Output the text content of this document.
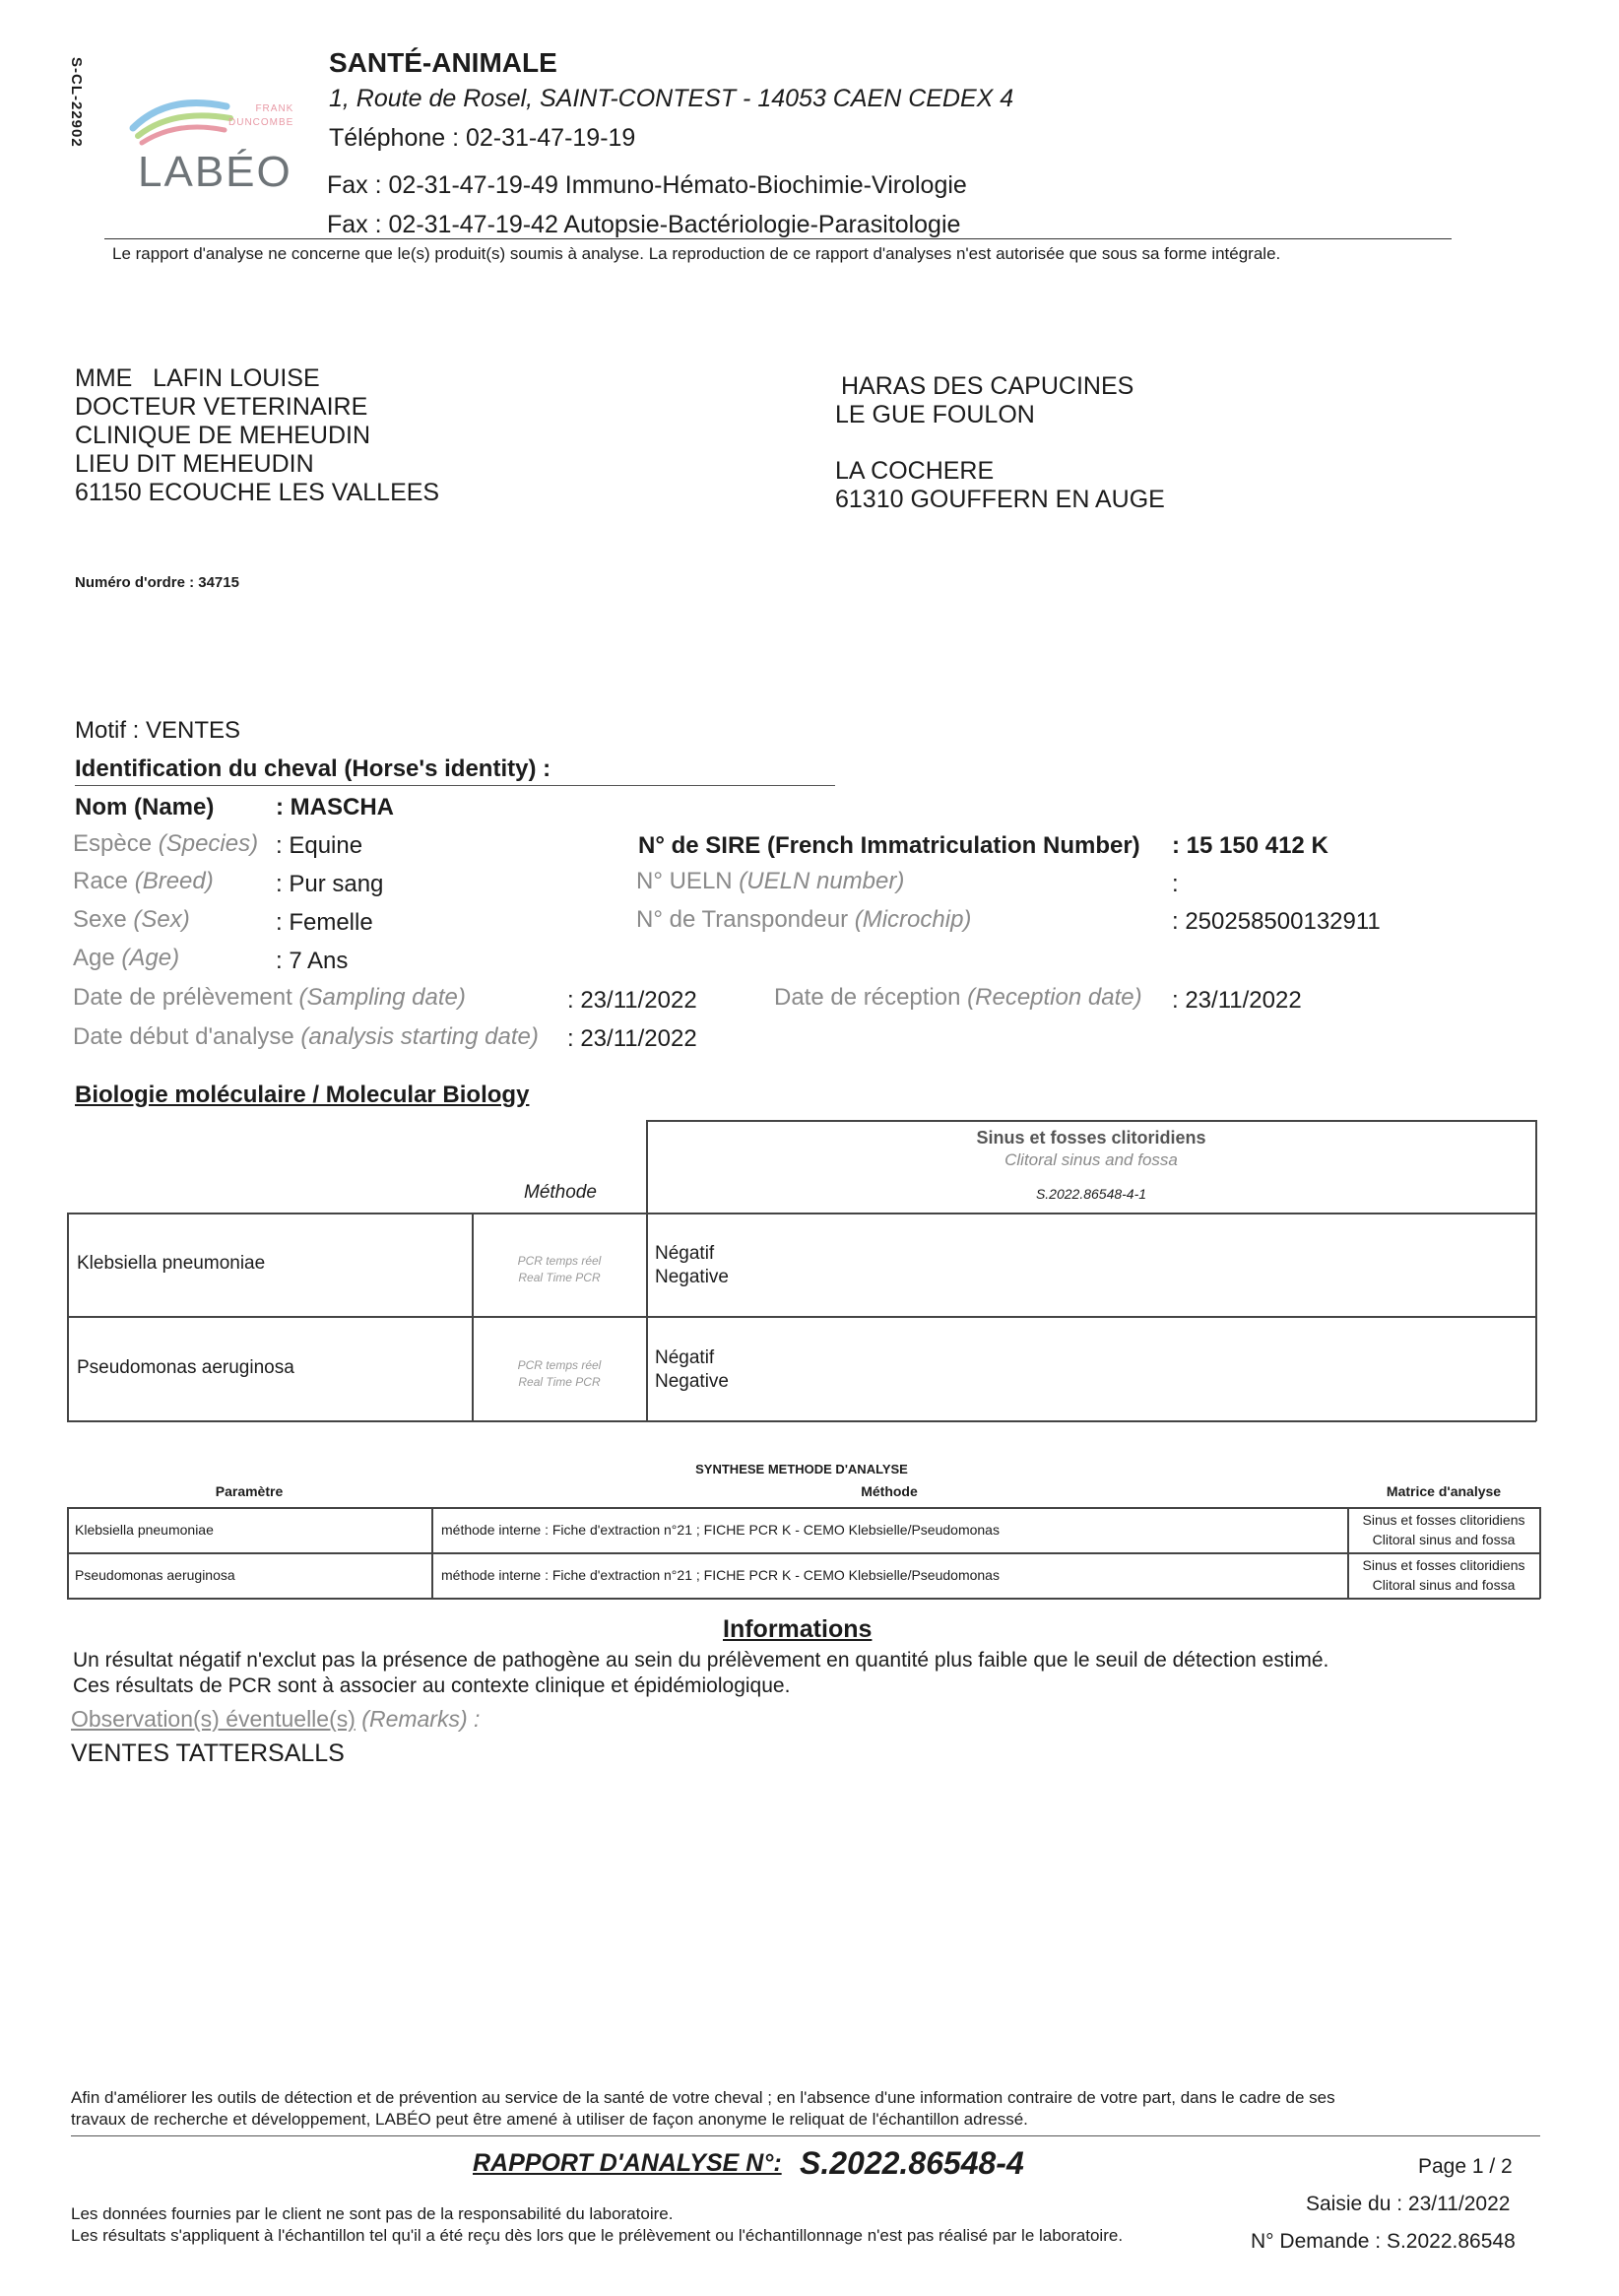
S-CL-22902	FRANK
DUNCOMBE
LABÉO
SANTÉ-ANIMALE
1, Route de Rosel, SAINT-CONTEST - 14053 CAEN CEDEX 4
Téléphone : 02-31-47-19-19
Fax : 02-31-47-19-49 Immuno-Hémato-Biochimie-Virologie
Fax : 02-31-47-19-42 Autopsie-Bactériologie-Parasitologie
Le rapport d'analyse ne concerne que le(s) produit(s) soumis à analyse. La reproduction de ce rapport d'analyses n'est autorisée que sous sa forme intégrale.
MME   LAFIN LOUISE
DOCTEUR VETERINAIRE
CLINIQUE DE MEHEUDIN
LIEU DIT MEHEUDIN
61150 ECOUCHE LES VALLEES
HARAS DES CAPUCINES
LE GUE FOULON
LA COCHERE
61310 GOUFFERN EN AUGE
Numéro d'ordre : 34715
Motif : VENTES
Identification du cheval (Horse's identity) :
Nom (Name)	: MASCHA
Espèce (Species) : Equine
Race (Breed)	: Pur sang
Sexe (Sex)	: Femelle
Age (Age)	: 7 Ans
N° de SIRE (French Immatriculation Number) : 15 150 412 K
N° UELN (UELN number)	:
N° de Transpondeur (Microchip)	: 250258500132911
Date de prélèvement (Sampling date)	: 23/11/2022	Date de réception (Reception date) : 23/11/2022
Date début d'analyse (analysis starting date) : 23/11/2022
Biologie moléculaire / Molecular Biology
Méthode
Sinus et fosses clitoridiens
Clitoral sinus and fossa
S.2022.86548-4-1
Klebsiella pneumoniae	PCR temps réel
Real Time PCR
Négatif
Negative
Pseudomonas aeruginosa	PCR temps réel
Real Time PCR
Négatif
Negative
SYNTHESE METHODE D'ANALYSE
Paramètre	Méthode	Matrice d'analyse
Klebsiella pneumoniae	méthode interne : Fiche d'extraction n°21 ; FICHE PCR K - CEMO Klebsielle/Pseudomonas
Sinus et fosses clitoridiens
Clitoral sinus and fossa
Pseudomonas aeruginosa	méthode interne : Fiche d'extraction n°21 ; FICHE PCR K - CEMO Klebsielle/Pseudomonas
Sinus et fosses clitoridiens
Clitoral sinus and fossa
Informations
Un résultat négatif n'exclut pas la présence de pathogène au sein du prélèvement en quantité plus faible que le seuil de détection estimé.
Ces résultats de PCR sont à associer au contexte clinique et épidémiologique.
Observation(s) éventuelle(s) (Remarks) :
VENTES TATTERSALLS
Afin d'améliorer les outils de détection et de prévention au service de la santé de votre cheval ; en l'absence d'une information contraire de votre part, dans le cadre de ses
travaux de recherche et développement, LABÉO peut être amené à utiliser de façon anonyme le reliquat de l'échantillon adressé.
RAPPORT D'ANALYSE N°: S.2022.86548-4	Page 1 / 2
Saisie du : 23/11/2022
Les données fournies par le client ne sont pas de la responsabilité du laboratoire.
Les résultats s'appliquent à l'échantillon tel qu'il a été reçu dès lors que le prélèvement ou l'échantillonnage n'est pas réalisé par le laboratoire.	N° Demande : S.2022.86548
